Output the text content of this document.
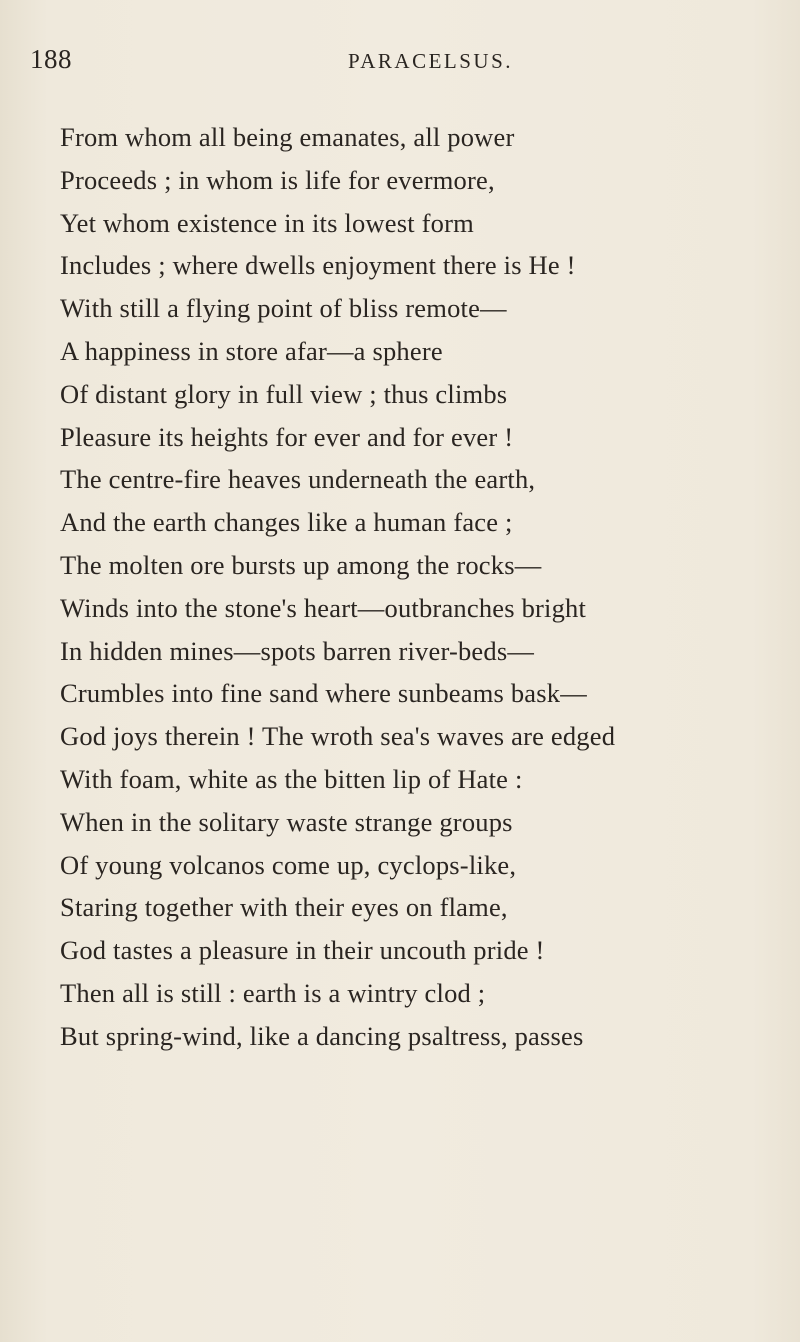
188	PARACELSUS.
From whom all being emanates, all power
Proceeds ; in whom is life for evermore,
Yet whom existence in its lowest form
Includes ; where dwells enjoyment there is He !
With still a flying point of bliss remote—
A happiness in store afar—a sphere
Of distant glory in full view ; thus climbs
Pleasure its heights for ever and for ever !
The centre-fire heaves underneath the earth,
And the earth changes like a human face ;
The molten ore bursts up among the rocks—
Winds into the stone's heart—outbranches bright
In hidden mines—spots barren river-beds—
Crumbles into fine sand where sunbeams bask—
God joys therein ! The wroth sea's waves are edged
With foam, white as the bitten lip of Hate :
When in the solitary waste strange groups
Of young volcanos come up, cyclops-like,
Staring together with their eyes on flame,
God tastes a pleasure in their uncouth pride !
Then all is still : earth is a wintry clod ;
But spring-wind, like a dancing psaltress, passes
